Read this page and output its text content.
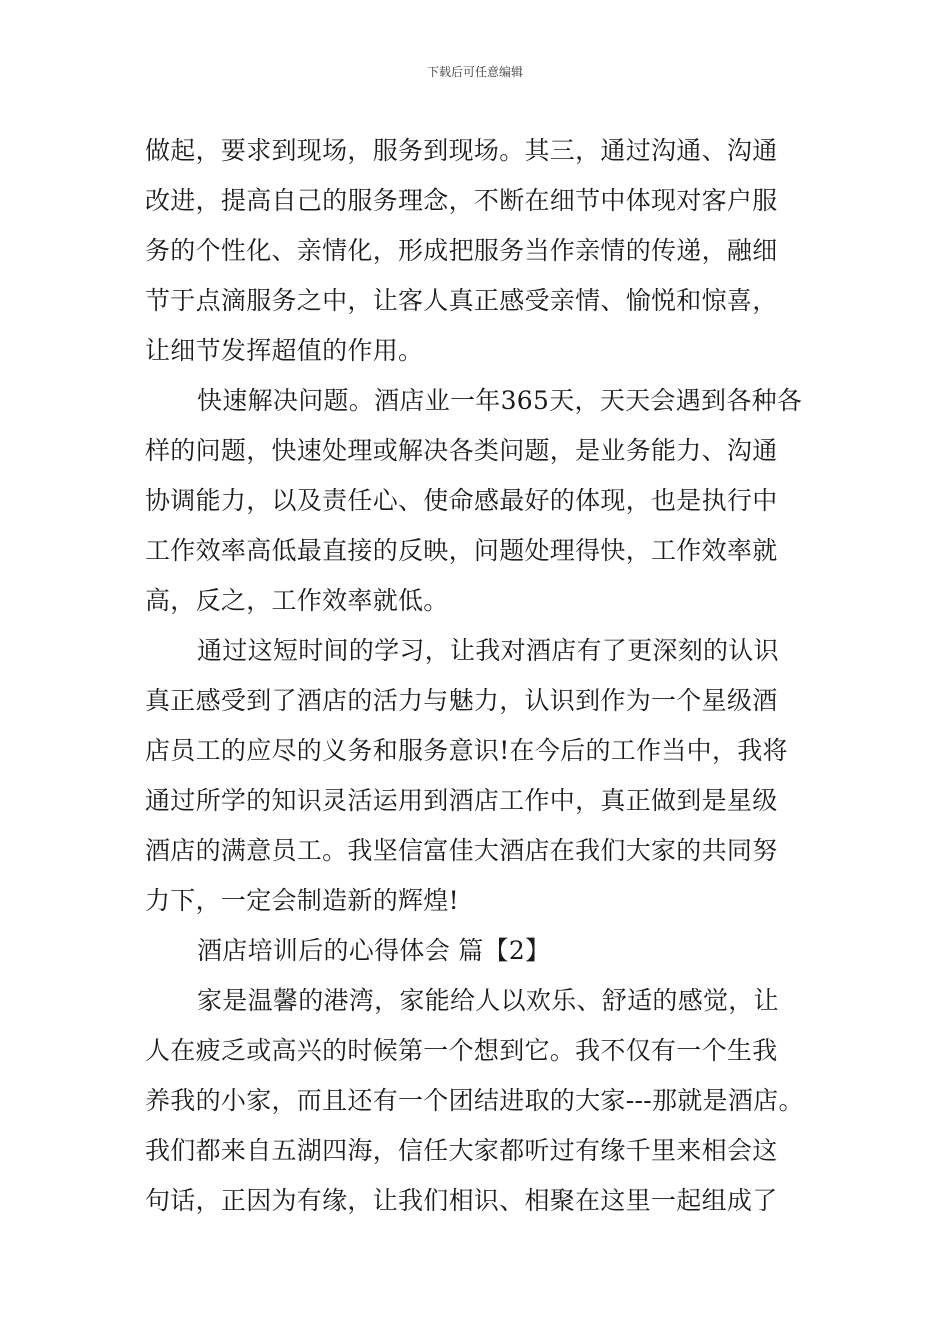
下载后可任意编辑
做起，要求到现场，服务到现场。其三，通过沟通、沟通
改进，提高自己的服务理念，不断在细节中体现对客户服
务的个性化、亲情化，形成把服务当作亲情的传递，融细
节于点滴服务之中，让客人真正感受亲情、愉悦和惊喜，
让细节发挥超值的作用。
快速解决问题。酒店业一年365天，天天会遇到各种各
样的问题，快速处理或解决各类问题，是业务能力、沟通
协调能力，以及责任心、使命感最好的体现，也是执行中
工作效率高低最直接的反映，问题处理得快，工作效率就
高，反之，工作效率就低。
通过这短时间的学习，让我对酒店有了更深刻的认识
真正感受到了酒店的活力与魅力，认识到作为一个星级酒
店员工的应尽的义务和服务意识!在今后的工作当中，我将
通过所学的知识灵活运用到酒店工作中，真正做到是星级
酒店的满意员工。我坚信富佳大酒店在我们大家的共同努
力下，一定会制造新的辉煌!
酒店培训后的心得体会 篇【2】
家是温馨的港湾，家能给人以欢乐、舒适的感觉，让
人在疲乏或高兴的时候第一个想到它。我不仅有一个生我
养我的小家，而且还有一个团结进取的大家---那就是酒店。
我们都来自五湖四海，信任大家都听过有缘千里来相会这
句话，正因为有缘，让我们相识、相聚在这里一起组成了
